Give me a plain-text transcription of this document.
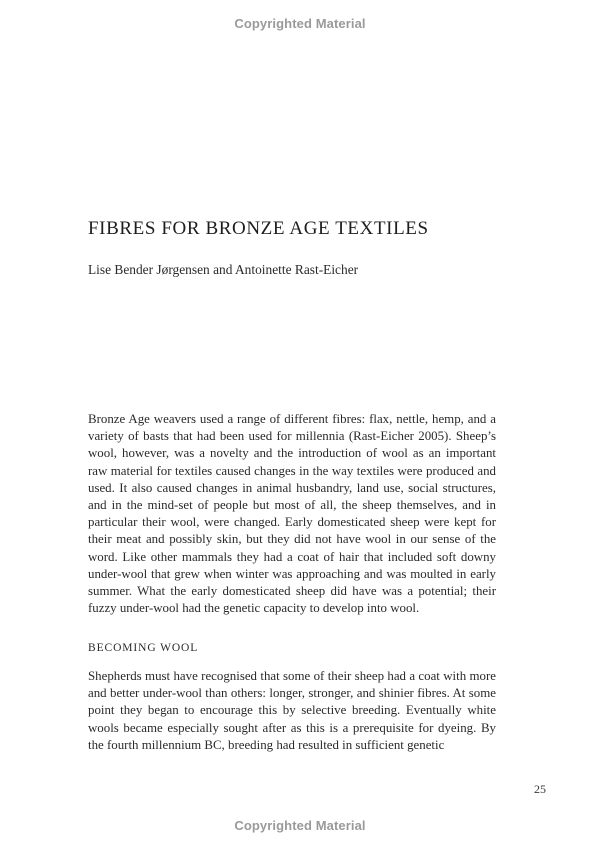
Copyrighted Material
FIBRES FOR BRONZE AGE TEXTILES

Lise Bender Jørgensen and Antoinette Rast-Eicher

Bronze Age weavers used a range of different fibres: flax, nettle, hemp, and a variety of basts that had been used for millennia (Rast-Eicher 2005). Sheep’s wool, however, was a novelty and the introduction of wool as an important raw material for textiles caused changes in the way textiles were produced and used. It also caused changes in animal husbandry, land use, social structures, and in the mind-set of people but most of all, the sheep themselves, and in particular their wool, were changed. Early domesticated sheep were kept for their meat and possibly skin, but they did not have wool in our sense of the word. Like other mammals they had a coat of hair that included soft downy under-wool that grew when winter was approaching and was moulted in early summer. What the early domesticated sheep did have was a potential; their fuzzy under-wool had the genetic capacity to develop into wool.

BECOMING WOOL

Shepherds must have recognised that some of their sheep had a coat with more and better under-wool than others: longer, stronger, and shinier fibres. At some point they began to encourage this by selective breeding. Eventually white wools became especially sought after as this is a prerequisite for dyeing. By the fourth millennium BC, breeding had resulted in sufficient genetic

25
Copyrighted Material
